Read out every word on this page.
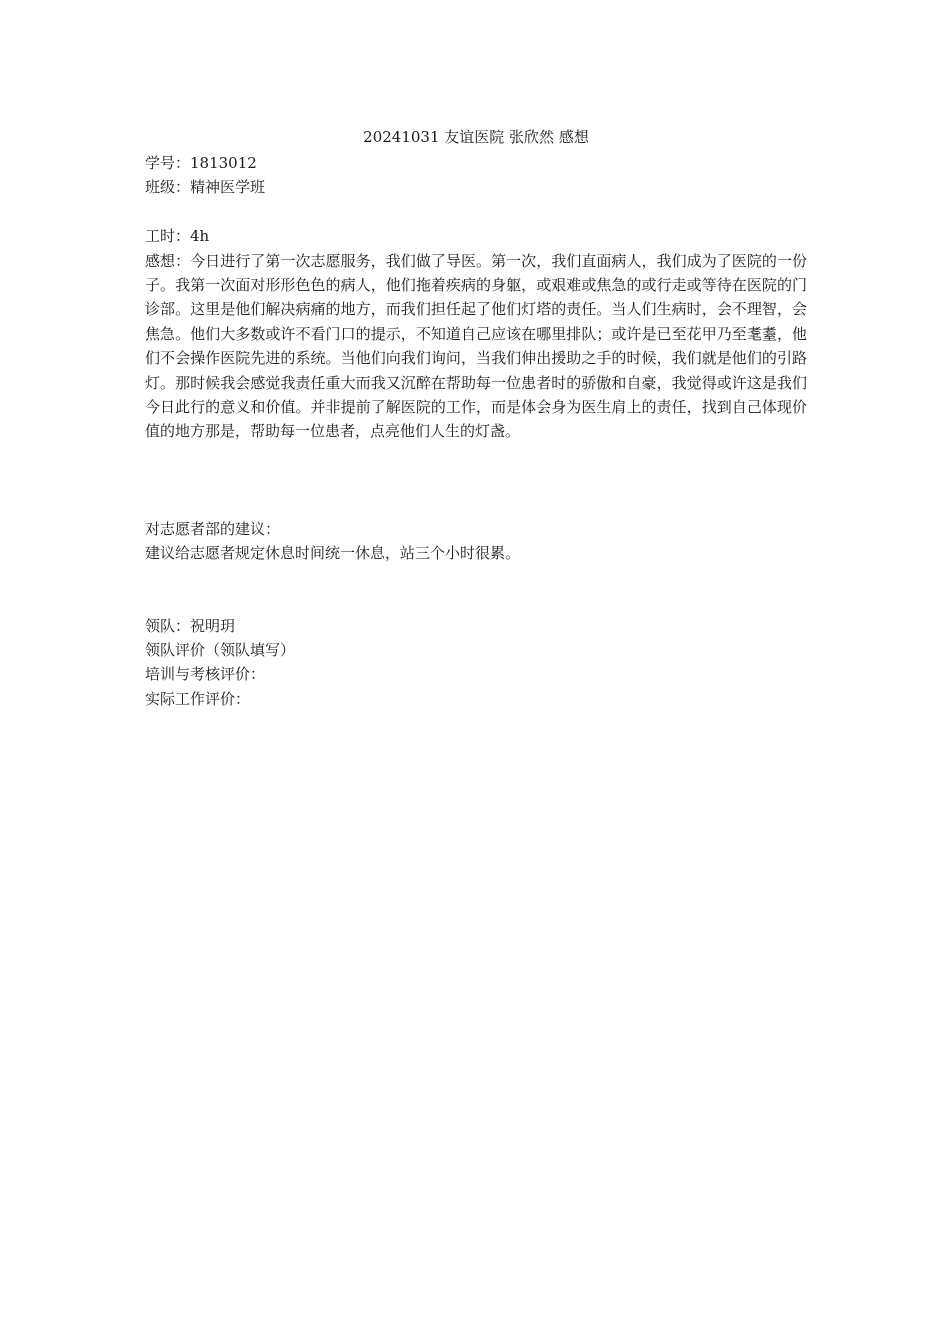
20241031 友谊医院 张欣然 感想

学号：1813012

班级：精神医学班

工时：4h

感想：今日进行了第一次志愿服务，我们做了导医。第一次，我们直面病人，我们成为了医院的一份子。我第一次面对形形色色的病人，他们拖着疾病的身躯，或艰难或焦急的或行走或等待在医院的门诊部。这里是他们解决病痛的地方，而我们担任起了他们灯塔的责任。当人们生病时，会不理智，会焦急。他们大多数或许不看门口的提示，不知道自己应该在哪里排队；或许是已至花甲乃至耄耋，他们不会操作医院先进的系统。当他们向我们询问，当我们伸出援助之手的时候，我们就是他们的引路灯。那时候我会感觉我责任重大而我又沉醉在帮助每一位患者时的骄傲和自豪，我觉得或许这是我们今日此行的意义和价值。并非提前了解医院的工作，而是体会身为医生肩上的责任，找到自己体现价值的地方那是，帮助每一位患者，点亮他们人生的灯盏。

对志愿者部的建议：

建议给志愿者规定休息时间统一休息，站三个小时很累。

领队：祝明玥

领队评价（领队填写）

培训与考核评价：

实际工作评价：
